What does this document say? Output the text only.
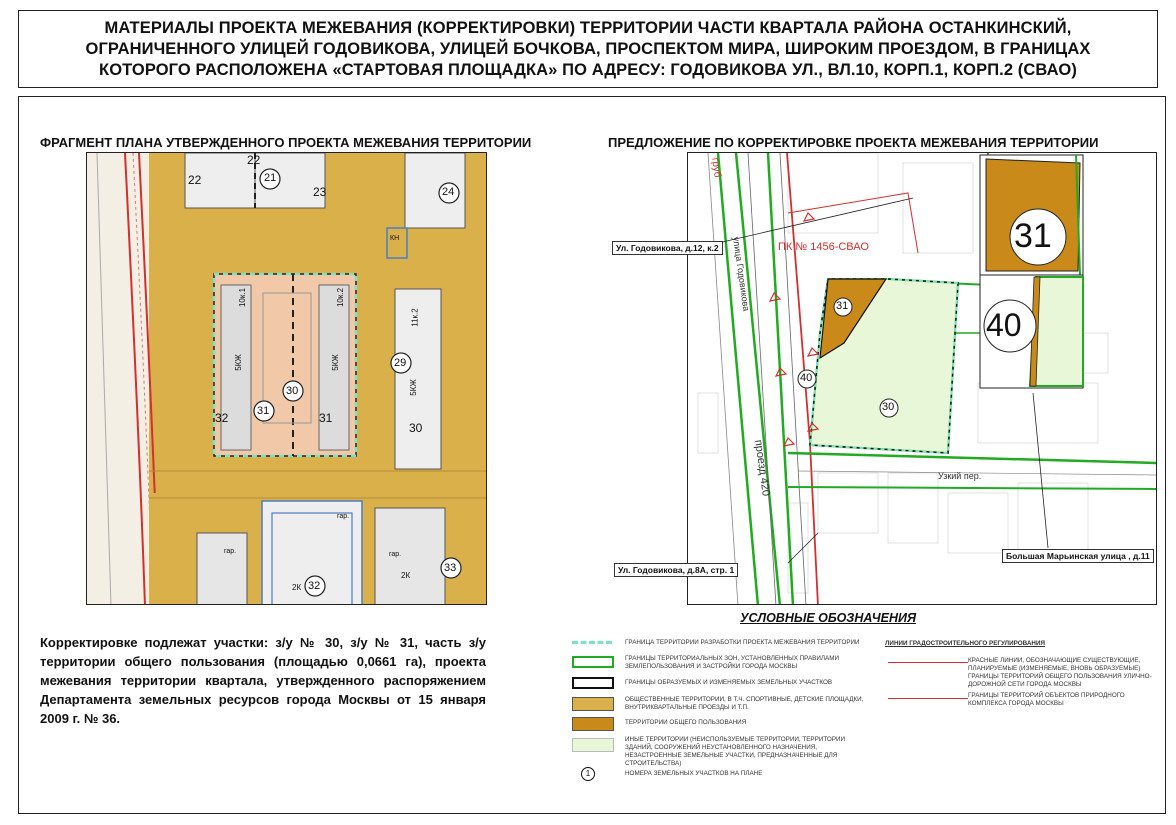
МАТЕРИАЛЫ ПРОЕКТА МЕЖЕВАНИЯ (КОРРЕКТИРОВКИ) ТЕРРИТОРИИ ЧАСТИ КВАРТАЛА РАЙОНА ОСТАНКИНСКИЙ,
ОГРАНИЧЕННОГО УЛИЦЕЙ ГОДОВИКОВА, УЛИЦЕЙ БОЧКОВА, ПРОСПЕКТОМ МИРА, ШИРОКИМ ПРОЕЗДОМ, В ГРАНИЦАХ
КОТОРОГО РАСПОЛОЖЕНА «СТАРТОВАЯ ПЛОЩАДКА» ПО АДРЕСУ: ГОДОВИКОВА УЛ., ВЛ.10, КОРП.1, КОРП.2 (СВАО)
ФРАГМЕНТ ПЛАНА УТВЕРЖДЕННОГО ПРОЕКТА МЕЖЕВАНИЯ ТЕРРИТОРИИ
22
22
21
23	24
КН
10к.1	10к.2
11к.2
5КЖ	5КЖ
5КЖ
29
30
31	31
32
30
гар.	гар.
гар.
2К
2К
32
33
ПРЕДЛОЖЕНИЕ ПО КОРРЕКТИРОВКЕ ПРОЕКТА МЕЖЕВАНИЯ ТЕРРИТОРИИ
улица Годовикова
проезд 420	Узкий пер.
ПК № 1456-СВАО
груб
31
40
30
31
40
Ул. Годовикова, д.12, к.2
Ул. Годовикова, д.8А, стр. 1
Большая Марьинская улица , д.11
Корректировке подлежат участки: з/у № 30, з/у № 31, часть з/у территории общего пользования (площадью 0,0661 га), проекта межевания территории квартала, утвержденного распоряжением Департамента земельных ресурсов города Москвы от 15 января 2009 г. № 36.
УСЛОВНЫЕ ОБОЗНАЧЕНИЯ
ГРАНИЦА ТЕРРИТОРИИ РАЗРАБОТКИ ПРОЕКТА МЕЖЕВАНИЯ ТЕРРИТОРИИ
ГРАНИЦЫ ТЕРРИТОРИАЛЬНЫХ ЗОН, УСТАНОВЛЕННЫХ ПРАВИЛАМИ ЗЕМЛЕПОЛЬЗОВАНИЯ И ЗАСТРОЙКИ ГОРОДА МОСКВЫ
ГРАНИЦЫ ОБРАЗУЕМЫХ И ИЗМЕНЯЕМЫХ ЗЕМЕЛЬНЫХ УЧАСТКОВ
ОБЩЕСТВЕННЫЕ ТЕРРИТОРИИ, В Т.Ч. СПОРТИВНЫЕ, ДЕТСКИЕ ПЛОЩАДКИ, ВНУТРИКВАРТАЛЬНЫЕ ПРОЕЗДЫ И Т.П.
ТЕРРИТОРИИ ОБЩЕГО ПОЛЬЗОВАНИЯ
ИНЫЕ ТЕРРИТОРИИ (НЕИСПОЛЬЗУЕМЫЕ ТЕРРИТОРИИ, ТЕРРИТОРИИ ЗДАНИЙ, СООРУЖЕНИЙ НЕУСТАНОВЛЕННОГО НАЗНАЧЕНИЯ, НЕЗАСТРОЕННЫЕ ЗЕМЕЛЬНЫЕ УЧАСТКИ, ПРЕДНАЗНАЧЕННЫЕ ДЛЯ СТРОИТЕЛЬСТВА)
1	НОМЕРА ЗЕМЕЛЬНЫХ УЧАСТКОВ НА ПЛАНЕ
ЛИНИИ ГРАДОСТРОИТЕЛЬНОГО РЕГУЛИРОВАНИЯ
КРАСНЫЕ ЛИНИИ, ОБОЗНАЧАЮЩИЕ СУЩЕСТВУЮЩИЕ, ПЛАНИРУЕМЫЕ (ИЗМЕНЯЕМЫЕ, ВНОВЬ ОБРАЗУЕМЫЕ) ГРАНИЦЫ ТЕРРИТОРИЙ ОБЩЕГО ПОЛЬЗОВАНИЯ УЛИЧНО-ДОРОЖНОЙ СЕТИ ГОРОДА МОСКВЫ
ГРАНИЦЫ ТЕРРИТОРИЙ ОБЪЕКТОВ ПРИРОДНОГО КОМПЛЕКСА ГОРОДА МОСКВЫ
